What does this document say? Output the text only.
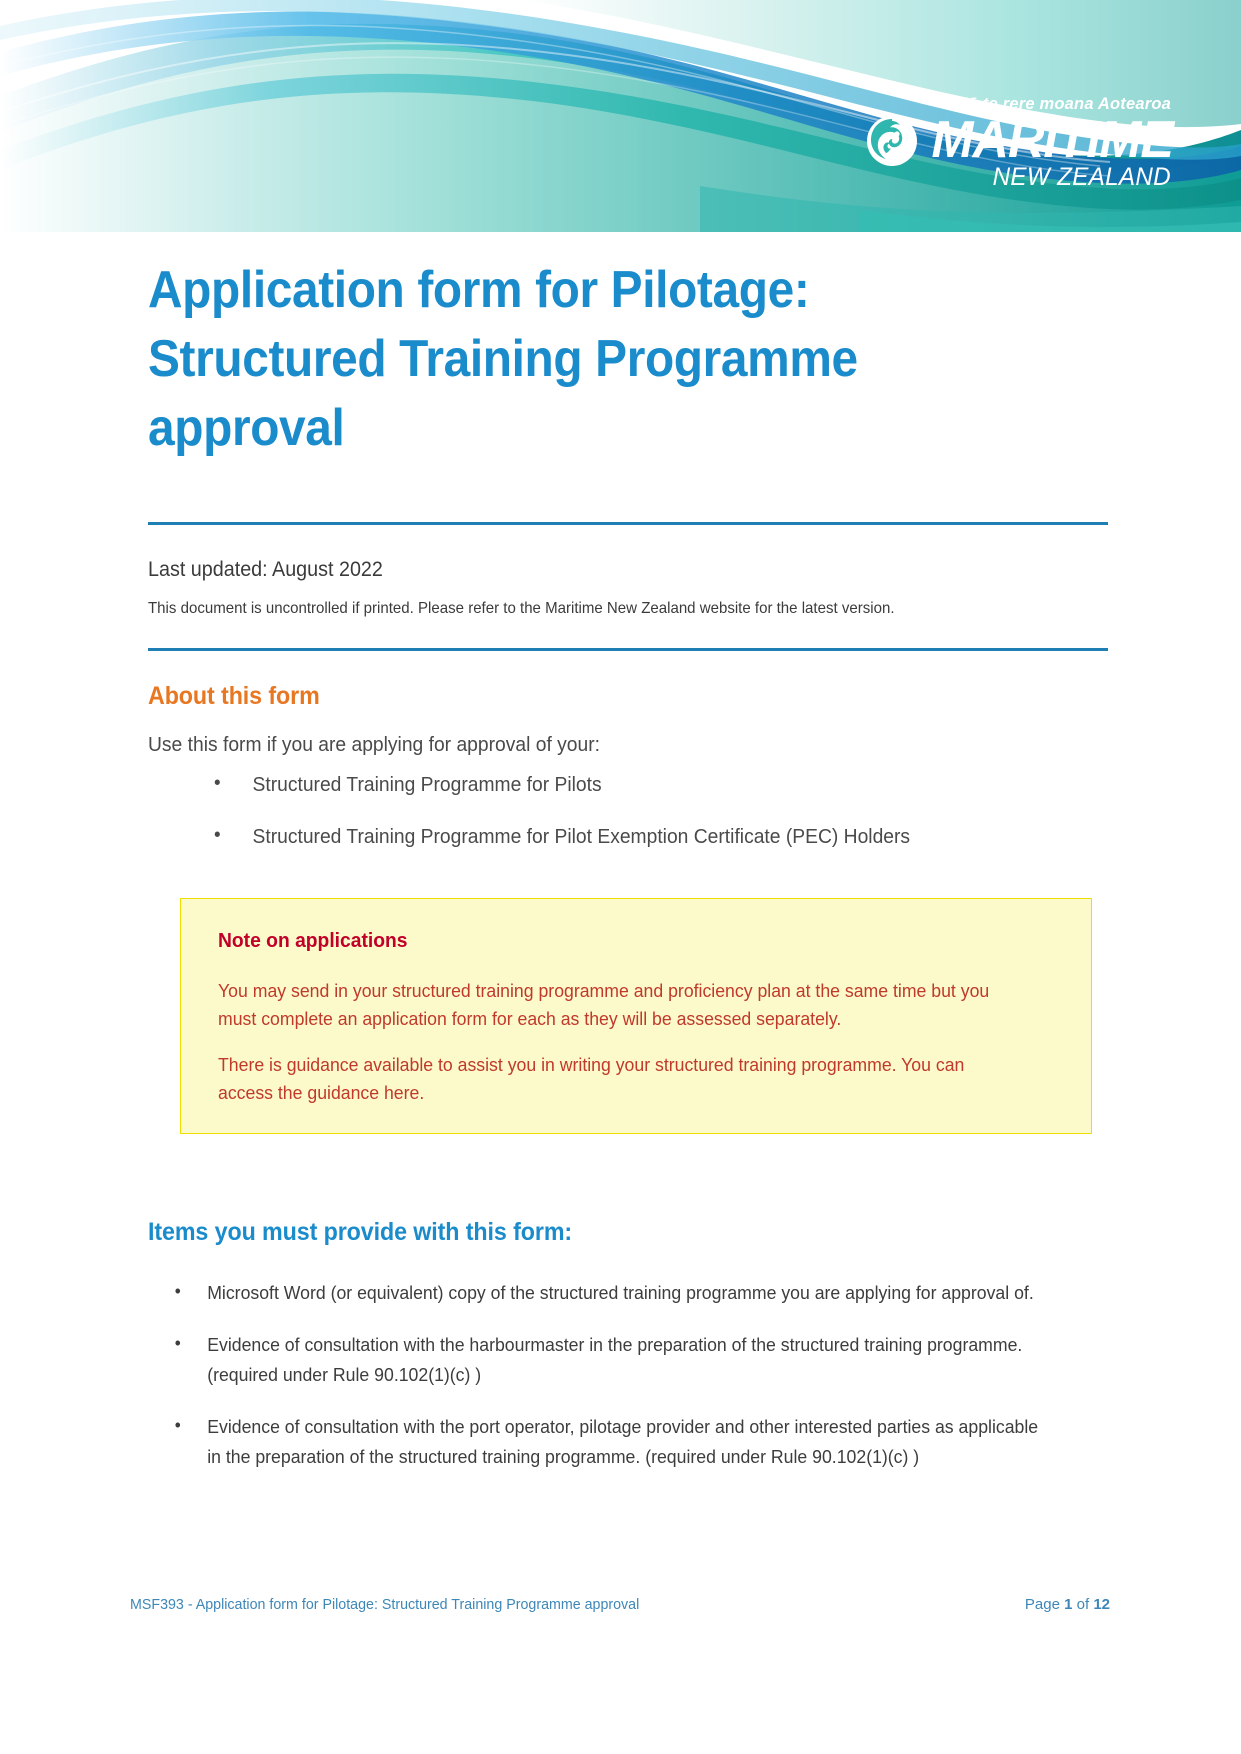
Nō te rere moana Aotearoa
MARITIME
NEW ZEALAND
Application form for Pilotage: Structured Training Programme approval
Last updated: August 2022
This document is uncontrolled if printed. Please refer to the Maritime New Zealand website for the latest version.
About this form
Use this form if you are applying for approval of your:
• Structured Training Programme for Pilots
• Structured Training Programme for Pilot Exemption Certificate (PEC) Holders
Note on applications

You may send in your structured training programme and proficiency plan at the same time but you must complete an application form for each as they will be assessed separately.

There is guidance available to assist you in writing your structured training programme. You can access the guidance here.

Items you must provide with this form:
• Microsoft Word (or equivalent) copy of the structured training programme you are applying for approval of.
• Evidence of consultation with the harbourmaster in the preparation of the structured training programme. (required under Rule 90.102(1)(c) )
• Evidence of consultation with the port operator, pilotage provider and other interested parties as applicable in the preparation of the structured training programme. (required under Rule 90.102(1)(c) )
MSF393 - Application form for Pilotage: Structured Training Programme approval	Page 1 of 12
